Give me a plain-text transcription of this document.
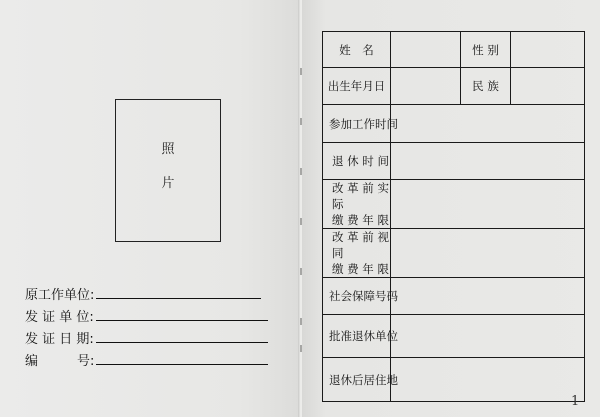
照
片
原工作单位:
发 证 单 位:
发 证 日 期:
编　　　号:
姓　名		性 别	
出生年月日		民 族	
参加工作时间			
退 休 时 间			

改 革 前 实 际
缴 费 年 限			

改 革 前 视 同
缴 费 年 限			

社会保障号码			
批准退休单位			
退休后居住地			
1
